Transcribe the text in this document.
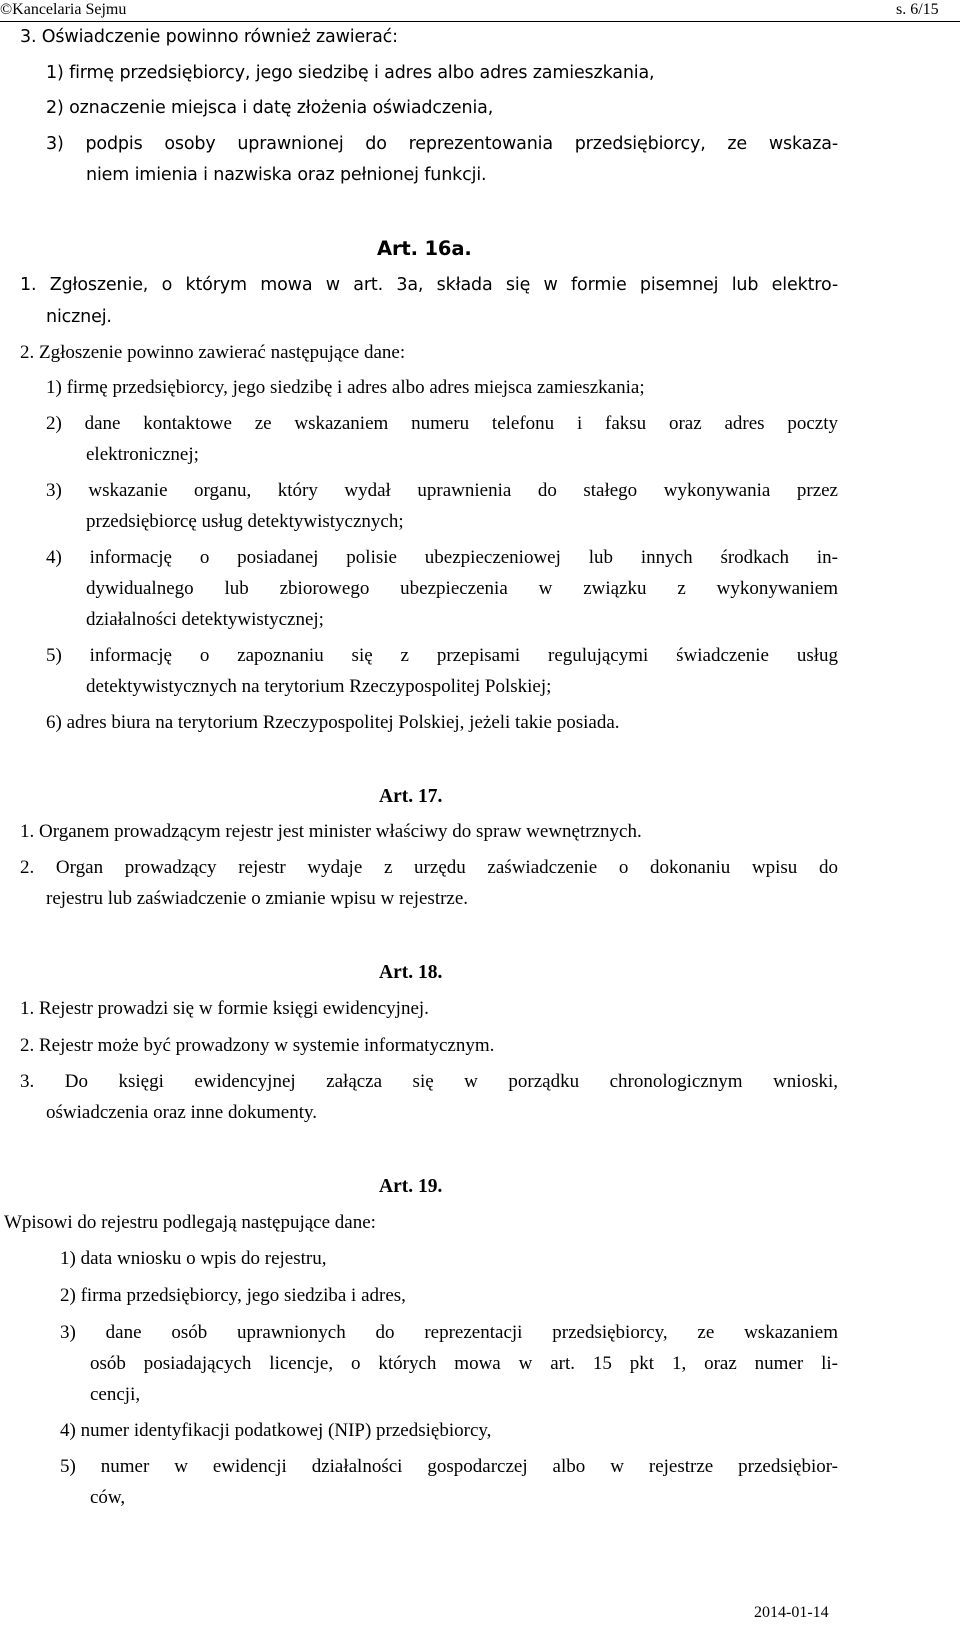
©Kancelaria Sejmu	s. 6/15
3. Oświadczenie powinno również zawierać:
1) firmę przedsiębiorcy, jego siedzibę i adres albo adres zamieszkania,
2) oznaczenie miejsca i datę złożenia oświadczenia,
3) podpis osoby uprawnionej do reprezentowania przedsiębiorcy, ze wskaza-
niem imienia i nazwiska oraz pełnionej funkcji.
Art. 16a.
1. Zgłoszenie, o którym mowa w art. 3a, składa się w formie pisemnej lub elektro-
nicznej.
2. Zgłoszenie powinno zawierać następujące dane:
1) firmę przedsiębiorcy, jego siedzibę i adres albo adres miejsca zamieszkania;
2) dane kontaktowe ze wskazaniem numeru telefonu i faksu oraz adres poczty
elektronicznej;
3) wskazanie organu, który wydał uprawnienia do stałego wykonywania przez
przedsiębiorcę usług detektywistycznych;
4) informację o posiadanej polisie ubezpieczeniowej lub innych środkach in-
dywidualnego lub zbiorowego ubezpieczenia w związku z wykonywaniem
działalności detektywistycznej;
5) informację o zapoznaniu się z przepisami regulującymi świadczenie usług
detektywistycznych na terytorium Rzeczypospolitej Polskiej;
6) adres biura na terytorium Rzeczypospolitej Polskiej, jeżeli takie posiada.
Art. 17.
1. Organem prowadzącym rejestr jest minister właściwy do spraw wewnętrznych.
2. Organ prowadzący rejestr wydaje z urzędu zaświadczenie o dokonaniu wpisu do
rejestru lub zaświadczenie o zmianie wpisu w rejestrze.
Art. 18.
1. Rejestr prowadzi się w formie księgi ewidencyjnej.
2. Rejestr może być prowadzony w systemie informatycznym.
3. Do księgi ewidencyjnej załącza się w porządku chronologicznym wnioski,
oświadczenia oraz inne dokumenty.
Art. 19.
Wpisowi do rejestru podlegają następujące dane:
1) data wniosku o wpis do rejestru,
2) firma przedsiębiorcy, jego siedziba i adres,
3) dane osób uprawnionych do reprezentacji przedsiębiorcy, ze wskazaniem
osób posiadających licencje, o których mowa w art. 15 pkt 1, oraz numer li-
cencji,
4) numer identyfikacji podatkowej (NIP) przedsiębiorcy,
5) numer w ewidencji działalności gospodarczej albo w rejestrze przedsiębior-
ców,
2014-01-14
